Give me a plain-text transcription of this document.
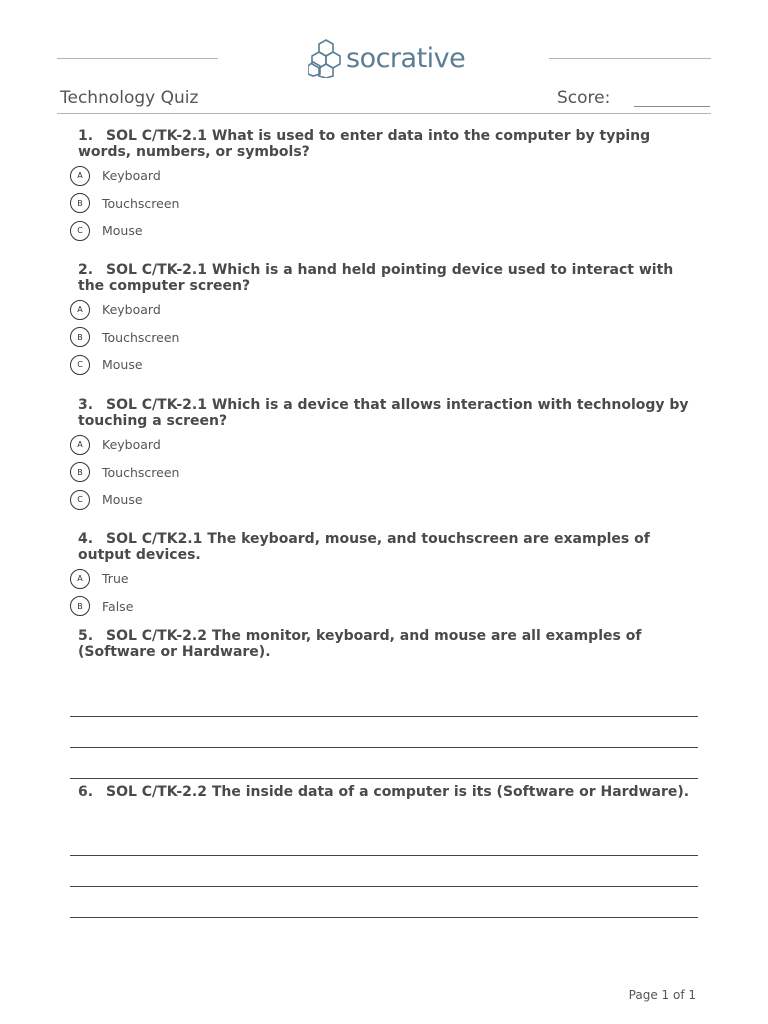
socrative
Technology Quiz	Score:

1. SOL C/TK-2.1 What is used to enter data into the computer by typing words, numbers, or symbols?

A	Keyboard
B	Touchscreen
C	Mouse

2. SOL C/TK-2.1 Which is a hand held pointing device used to interact with the computer screen?

A	Keyboard
B	Touchscreen
C	Mouse

3. SOL C/TK-2.1 Which is a device that allows interaction with technology by touching a screen?

A	Keyboard
B	Touchscreen
C	Mouse

4. SOL C/TK2.1 The keyboard, mouse, and touchscreen are examples of output devices.

A	True
B	False

5. SOL C/TK-2.2 The monitor, keyboard, and mouse are all examples of (Software or Hardware).

6. SOL C/TK-2.2 The inside data of a computer is its (Software or Hardware).

Page 1 of 1
